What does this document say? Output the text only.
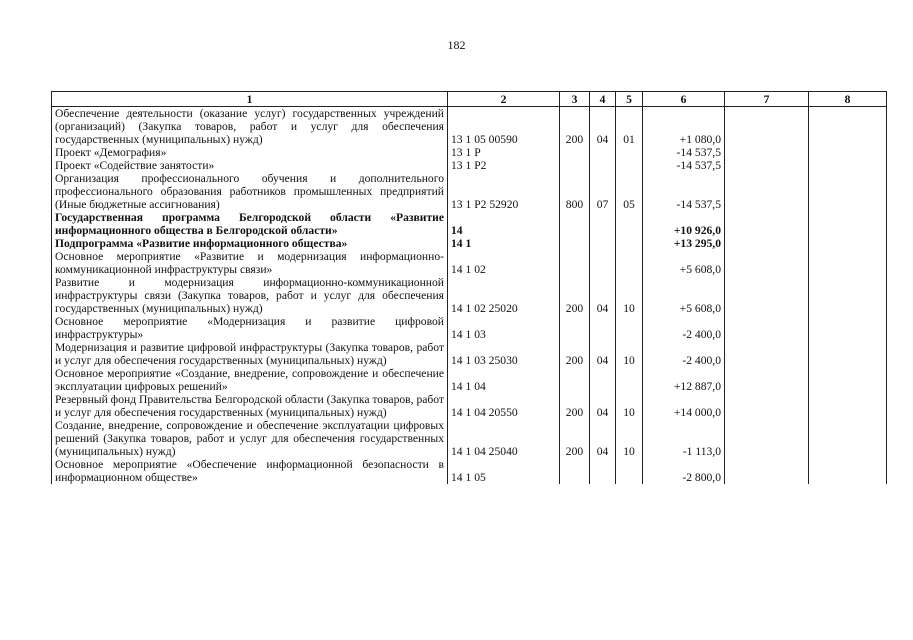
182
1	2	3	4	5	6	7	8
Обеспечение деятельности (оказание услуг) государственных учреждений (организаций) (Закупка товаров, работ и услуг для обеспечения государственных (муниципальных) нужд)	13 1 05 00590	200	04	01	+1 080,0		
Проект «Демография»	13 1 P				-14 537,5		
Проект «Содействие занятости»	13 1 P2				-14 537,5		
Организация профессионального обучения и дополнительного профессионального образования работников промышленных предприятий (Иные бюджетные ассигнования)	13 1 P2 52920	800	07	05	-14 537,5		
Государственная программа Белгородской области «Развитие информационного общества в Белгородской области»	14				+10 926,0		
Подпрограмма «Развитие информационного общества»	14 1				+13 295,0		
Основное мероприятие «Развитие и модернизация информационно-коммуникационной инфраструктуры связи»	14 1 02				+5 608,0		
Развитие и модернизация информационно-коммуникационной инфраструктуры связи (Закупка товаров, работ и услуг для обеспечения государственных (муниципальных) нужд)	14 1 02 25020	200	04	10	+5 608,0		
Основное мероприятие «Модернизация и развитие цифровой инфраструктуры»	14 1 03				-2 400,0		
Модернизация и развитие цифровой инфраструктуры (Закупка товаров, работ и услуг для обеспечения государственных (муниципальных) нужд)	14 1 03 25030	200	04	10	-2 400,0		
Основное мероприятие «Создание, внедрение, сопровождение и обеспечение эксплуатации цифровых решений»	14 1 04				+12 887,0		
Резервный фонд Правительства Белгородской области (Закупка товаров, работ и услуг для обеспечения государственных (муниципальных) нужд)	14 1 04 20550	200	04	10	+14 000,0		
Создание, внедрение, сопровождение и обеспечение эксплуатации цифровых решений (Закупка товаров, работ и услуг для обеспечения государственных (муниципальных) нужд)	14 1 04 25040	200	04	10	-1 113,0		
Основное мероприятие «Обеспечение информационной безопасности в информационном обществе»	14 1 05				-2 800,0		
